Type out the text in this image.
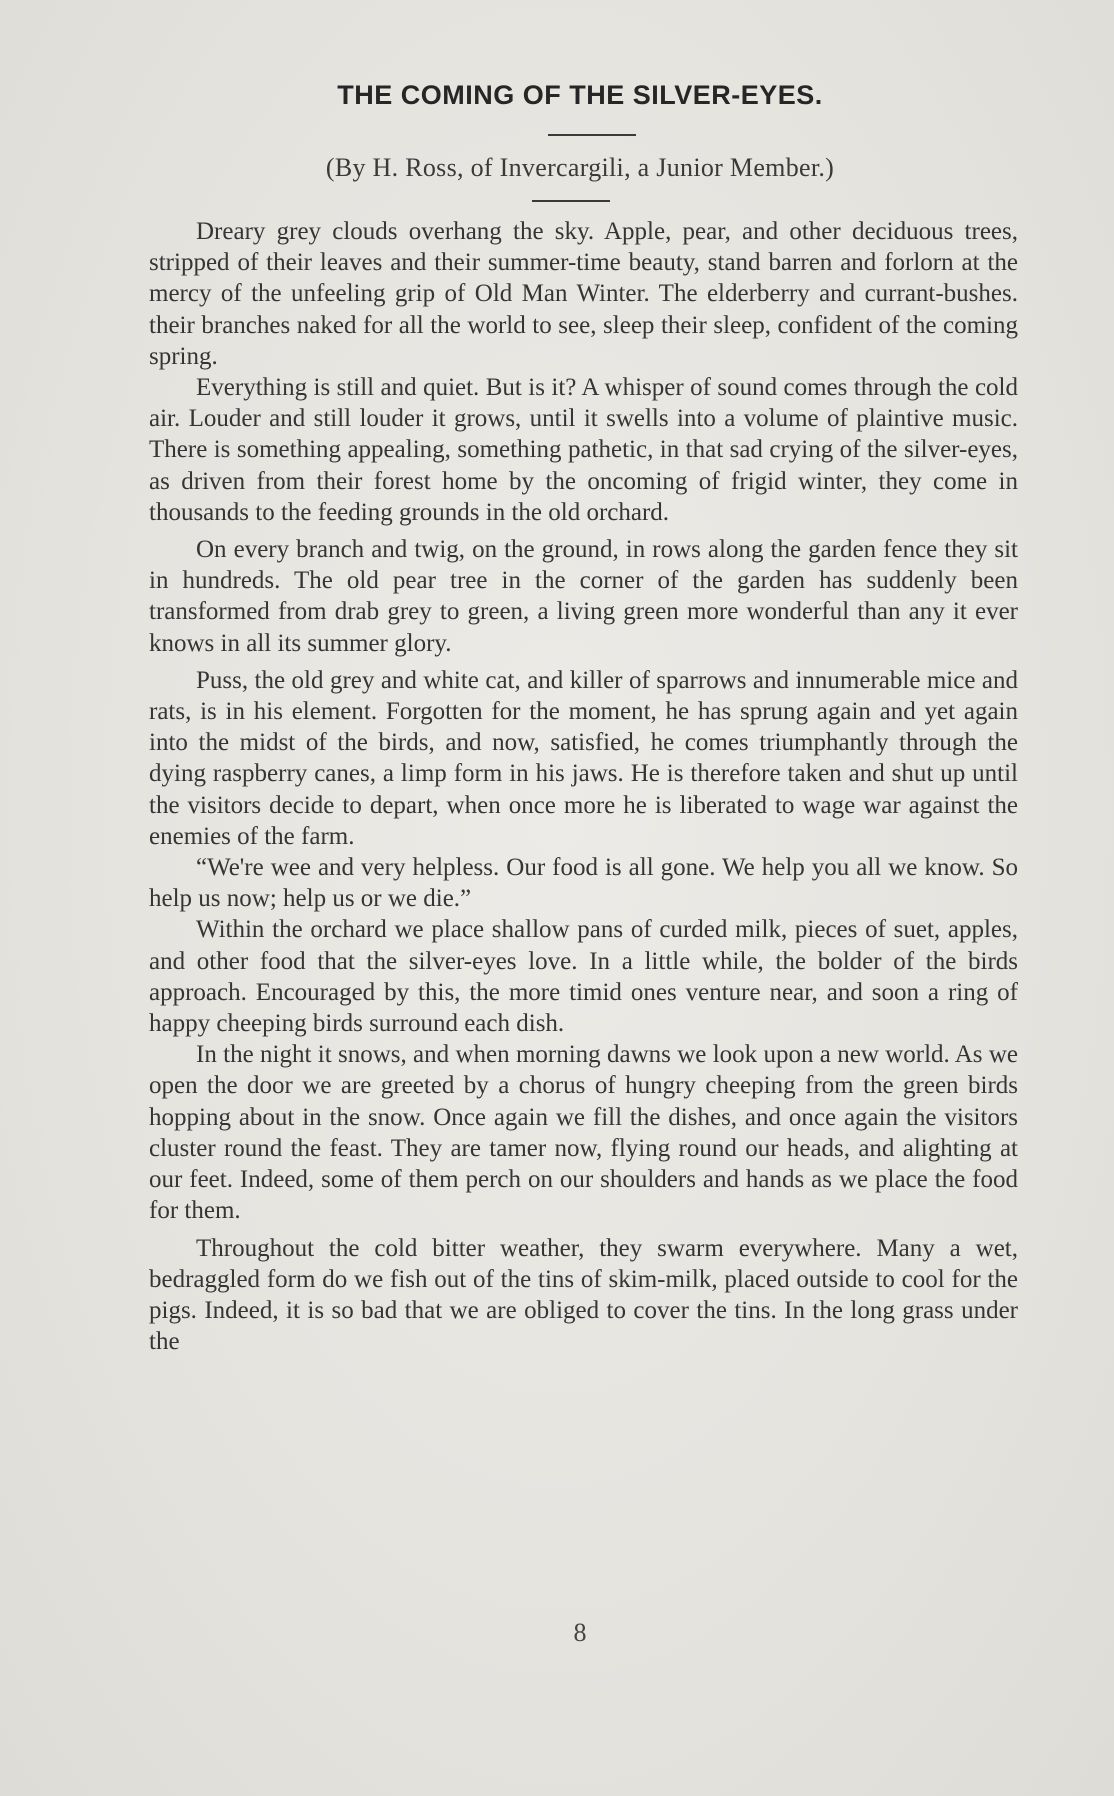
THE COMING OF THE SILVER-EYES.
(By H. Ross, of Invercargili, a Junior Member.)

Dreary grey clouds overhang the sky. Apple, pear, and other deciduous trees, stripped of their leaves and their summer-time beauty, stand barren and forlorn at the mercy of the unfeeling grip of Old Man Winter. The elderberry and currant-bushes. their branches naked for all the world to see, sleep their sleep, confident of the coming spring.

Everything is still and quiet. But is it? A whisper of sound comes through the cold air. Louder and still louder it grows, until it swells into a volume of plaintive music. There is something appealing, something pathetic, in that sad crying of the silver-eyes, as driven from their forest home by the oncoming of frigid winter, they come in thousands to the feeding grounds in the old orchard.

On every branch and twig, on the ground, in rows along the garden fence they sit in hundreds. The old pear tree in the corner of the garden has suddenly been transformed from drab grey to green, a living green more wonderful than any it ever knows in all its summer glory.

Puss, the old grey and white cat, and killer of sparrows and innumerable mice and rats, is in his element. Forgotten for the moment, he has sprung again and yet again into the midst of the birds, and now, satisfied, he comes triumphantly through the dying raspberry canes, a limp form in his jaws. He is therefore taken and shut up until the visitors decide to depart, when once more he is liberated to wage war against the enemies of the farm.

“We're wee and very helpless. Our food is all gone. We help you all we know. So help us now; help us or we die.”

Within the orchard we place shallow pans of curded milk, pieces of suet, apples, and other food that the silver-eyes love. In a little while, the bolder of the birds approach. Encouraged by this, the more timid ones venture near, and soon a ring of happy cheeping birds surround each dish.

In the night it snows, and when morning dawns we look upon a new world. As we open the door we are greeted by a chorus of hungry cheeping from the green birds hopping about in the snow. Once again we fill the dishes, and once again the visitors cluster round the feast. They are tamer now, flying round our heads, and alighting at our feet. Indeed, some of them perch on our shoulders and hands as we place the food for them.

Throughout the cold bitter weather, they swarm everywhere. Many a wet, bedraggled form do we fish out of the tins of skim-milk, placed outside to cool for the pigs. Indeed, it is so bad that we are obliged to cover the tins. In the long grass under the

8
